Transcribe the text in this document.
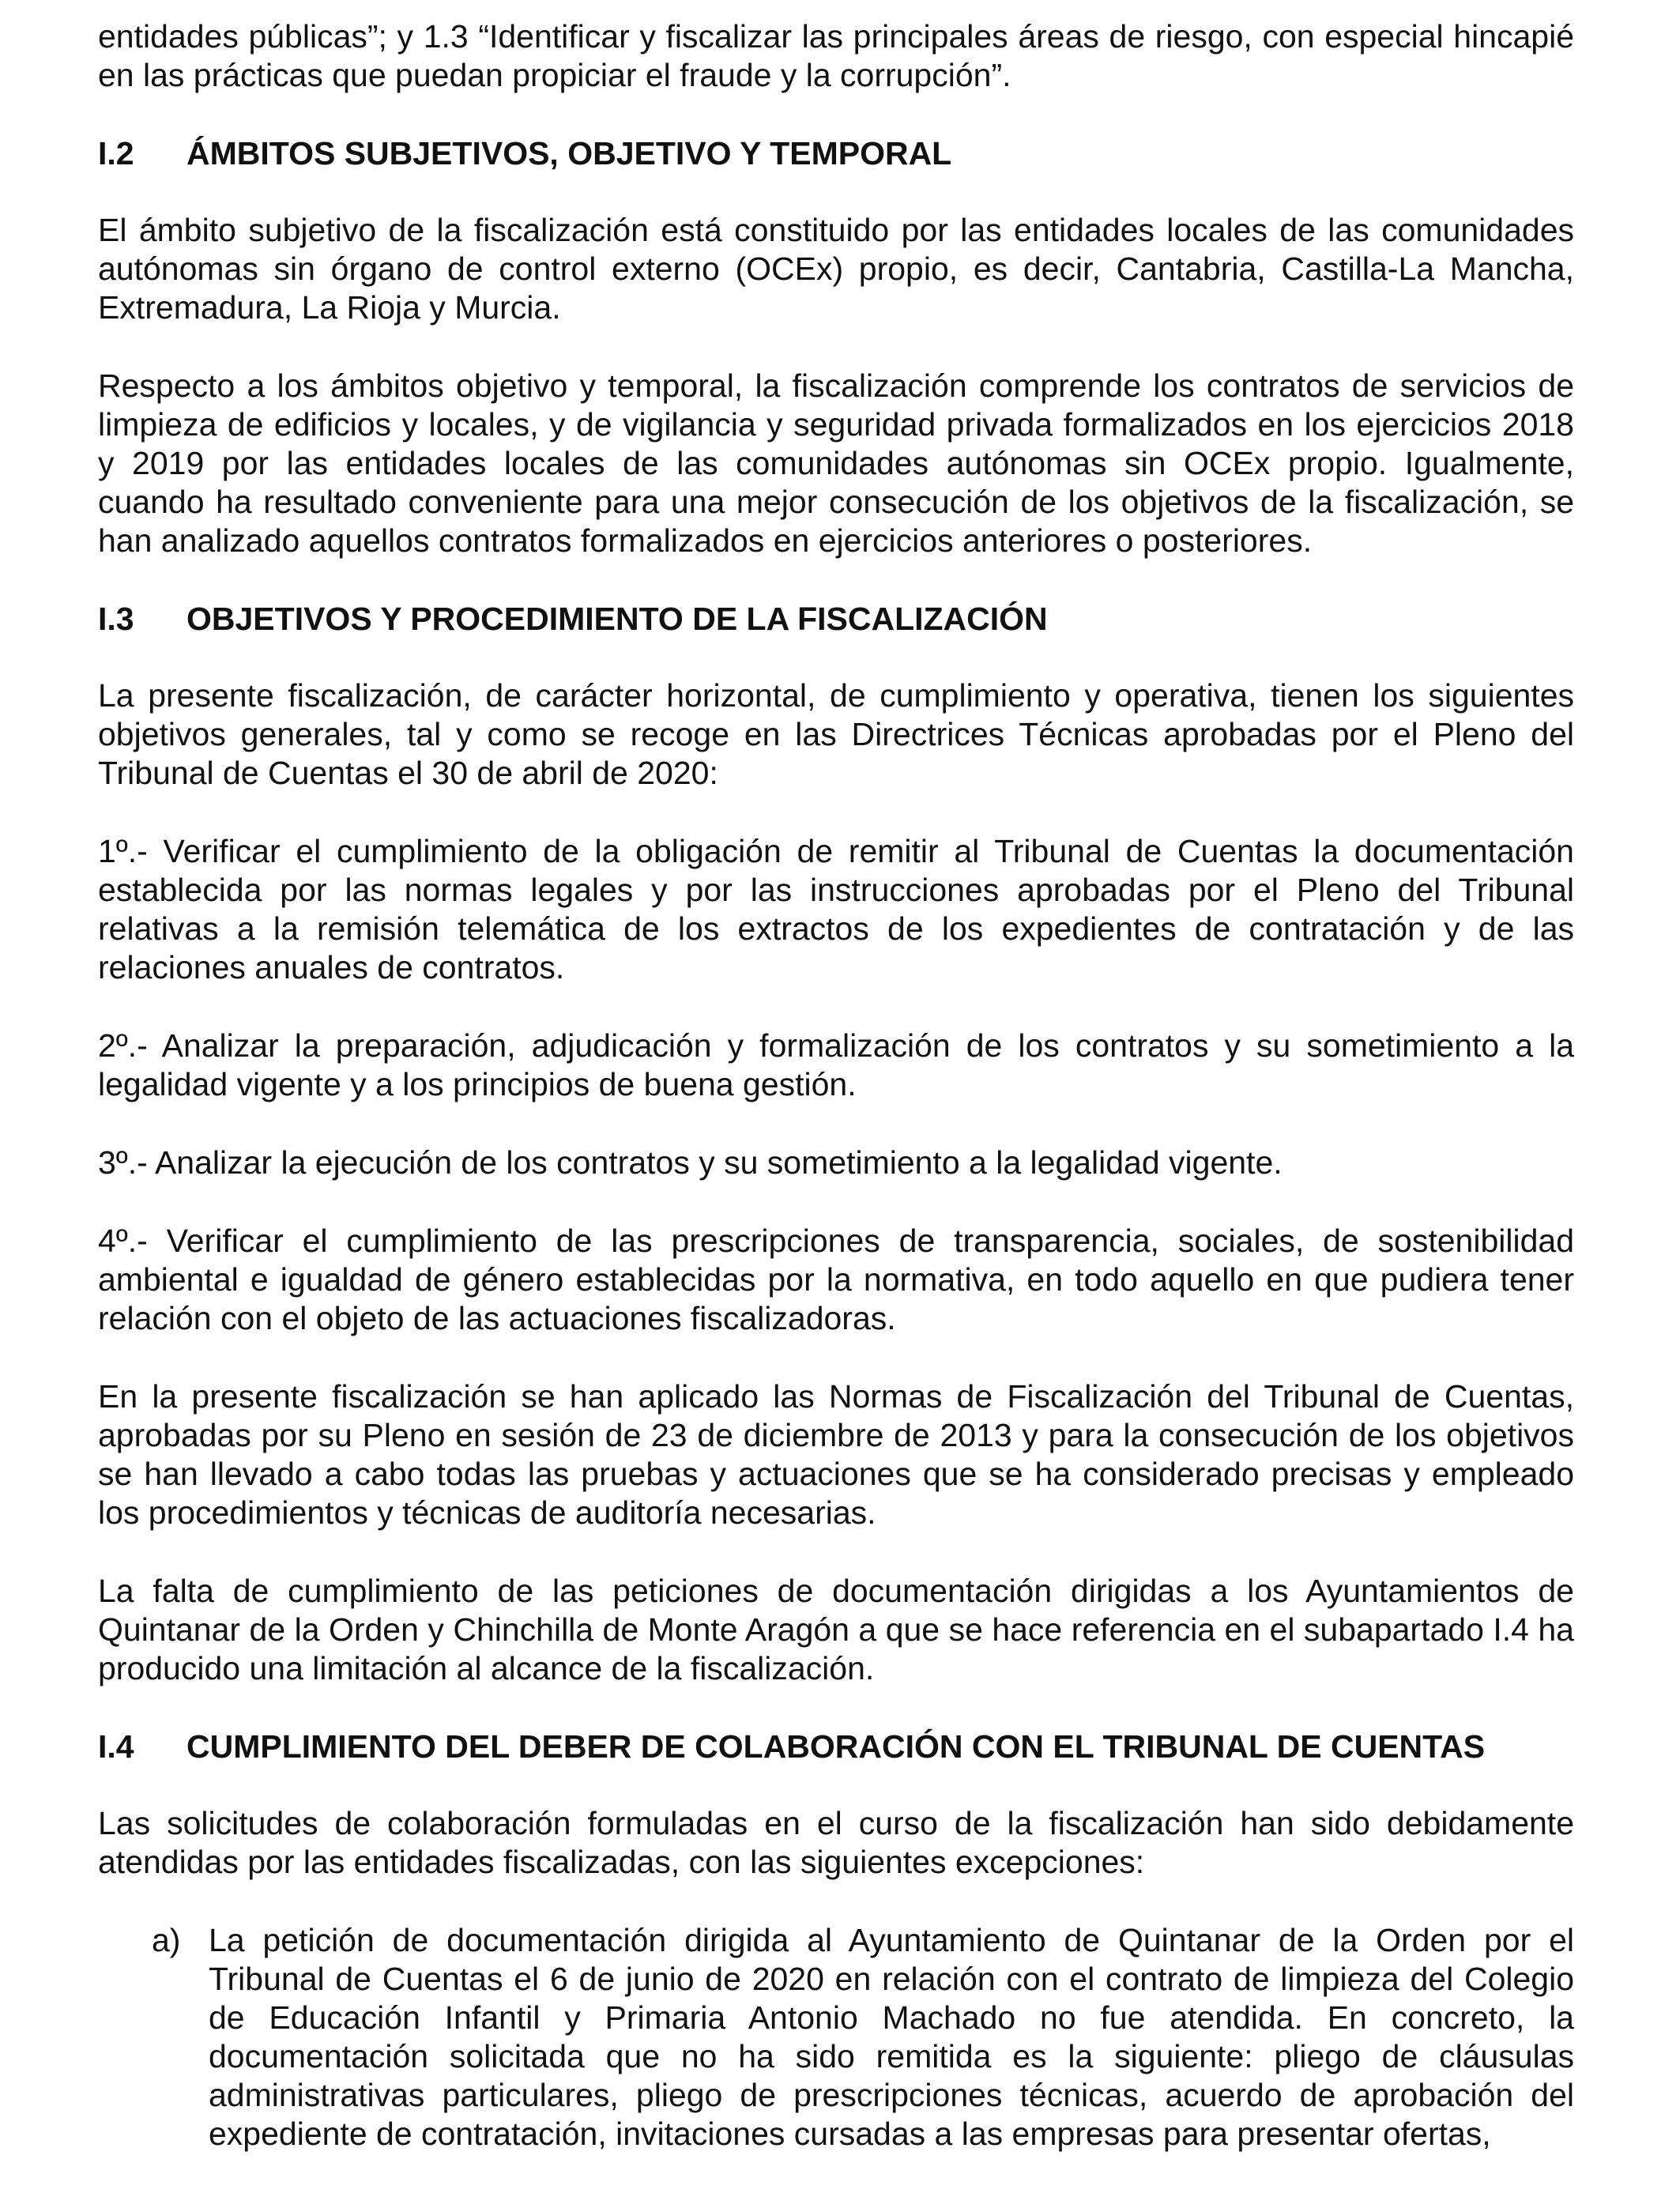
entidades públicas”; y 1.3 “Identificar y fiscalizar las principales áreas de riesgo, con especial hincapié en las prácticas que puedan propiciar el fraude y la corrupción”.

I.2	ÁMBITOS SUBJETIVOS, OBJETIVO Y TEMPORAL

El ámbito subjetivo de la fiscalización está constituido por las entidades locales de las comunidades autónomas sin órgano de control externo (OCEx) propio, es decir, Cantabria, Castilla-La Mancha, Extremadura, La Rioja y Murcia.

Respecto a los ámbitos objetivo y temporal, la fiscalización comprende los contratos de servicios de limpieza de edificios y locales, y de vigilancia y seguridad privada formalizados en los ejercicios 2018 y 2019 por las entidades locales de las comunidades autónomas sin OCEx propio. Igualmente, cuando ha resultado conveniente para una mejor consecución de los objetivos de la fiscalización, se han analizado aquellos contratos formalizados en ejercicios anteriores o posteriores.

I.3	OBJETIVOS Y PROCEDIMIENTO DE LA FISCALIZACIÓN

La presente fiscalización, de carácter horizontal, de cumplimiento y operativa, tienen los siguientes objetivos generales, tal y como se recoge en las Directrices Técnicas aprobadas por el Pleno del Tribunal de Cuentas el 30 de abril de 2020:

1º.- Verificar el cumplimiento de la obligación de remitir al Tribunal de Cuentas la documentación establecida por las normas legales y por las instrucciones aprobadas por el Pleno del Tribunal relativas a la remisión telemática de los extractos de los expedientes de contratación y de las relaciones anuales de contratos.

2º.- Analizar la preparación, adjudicación y formalización de los contratos y su sometimiento a la legalidad vigente y a los principios de buena gestión.

3º.- Analizar la ejecución de los contratos y su sometimiento a la legalidad vigente.

4º.- Verificar el cumplimiento de las prescripciones de transparencia, sociales, de sostenibilidad ambiental e igualdad de género establecidas por la normativa, en todo aquello en que pudiera tener relación con el objeto de las actuaciones fiscalizadoras.

En la presente fiscalización se han aplicado las Normas de Fiscalización del Tribunal de Cuentas, aprobadas por su Pleno en sesión de 23 de diciembre de 2013 y para la consecución de los objetivos se han llevado a cabo todas las pruebas y actuaciones que se ha considerado precisas y empleado los procedimientos y técnicas de auditoría necesarias.

La falta de cumplimiento de las peticiones de documentación dirigidas a los Ayuntamientos de Quintanar de la Orden y Chinchilla de Monte Aragón a que se hace referencia en el subapartado I.4 ha producido una limitación al alcance de la fiscalización.

I.4	CUMPLIMIENTO DEL DEBER DE COLABORACIÓN CON EL TRIBUNAL DE CUENTAS

Las solicitudes de colaboración formuladas en el curso de la fiscalización han sido debidamente atendidas por las entidades fiscalizadas, con las siguientes excepciones:

a) La petición de documentación dirigida al Ayuntamiento de Quintanar de la Orden por el Tribunal de Cuentas el 6 de junio de 2020 en relación con el contrato de limpieza del Colegio de Educación Infantil y Primaria Antonio Machado no fue atendida. En concreto, la documentación solicitada que no ha sido remitida es la siguiente: pliego de cláusulas administrativas particulares, pliego de prescripciones técnicas, acuerdo de aprobación del expediente de contratación, invitaciones cursadas a las empresas para presentar ofertas,
